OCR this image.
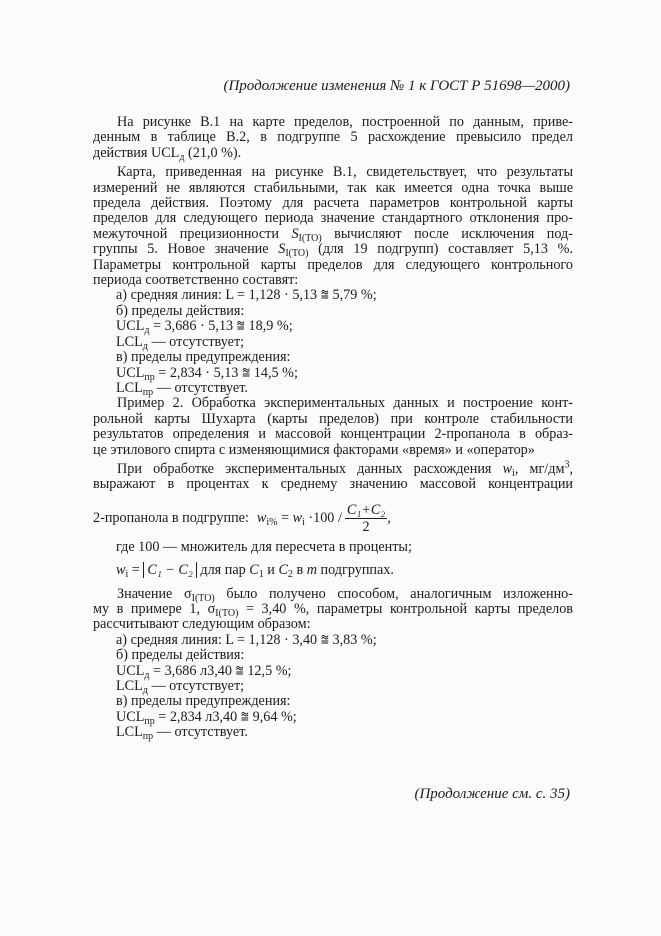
(Продолжение изменения № 1 к ГОСТ Р 51698—2000)

На рисунке В.1 на карте пределов, построенной по данным, приве-

денным в таблице В.2, в подгруппе 5 расхождение превысило предел

действия $UCL_д$ (21,0 %).

Карта, приведенная на рисунке В.1, свидетельствует, что результаты

измерений не являются стабильными, так как имеется одна точка выше

предела действия. Поэтому для расчета параметров контрольной карты

пределов для следующего периода значение стандартного отклонения про-

межуточной прецизионности $S_{I(TO)}$ вычисляют после исключения под-

группы 5. Новое значение $S_{I(TO)}$ (для 19 подгрупп) составляет 5,13 %.

Параметры контрольной карты пределов для следующего контрольного

периода соответственно составят:

а) средняя линия: L = 1,128 · 5,13 ⩰ 5,79 %;

б) пределы действия:

$UCL_д = 3,686 \cdot 5,13$ ⩰ 18,9 %;

$LCL_д$ — отсутствует;

в) пределы предупреждения:

$UCL_{пр} = 2,834 \cdot 5,13$ ⩰ 14,5 %;

$LCL_{пр}$ — отсутствует.

Пример 2. Обработка экспериментальных данных и построение конт-

рольной карты Шухарта (карты пределов) при контроле стабильности

результатов определения и массовой концентрации 2-пропанола в образ-

це этилового спирта с изменяющимися факторами «время» и «оператор»

При обработке экспериментальных данных расхождения $w_i$, $мг/дм^3$,

выражают в процентах к среднему значению массовой концентрации

2-пропанола в подгруппе: $w_{i\%} = w_i \cdot 100 / \frac{\text{C₁+C₂}}{2}$ ,

где 100 — множитель для пересчета в проценты;

$w_i = C_1 - C_2$ для пар $C_1$ и $C_2$ в m подгруппах.

Значение $\sigma_{I(TO)}$ было получено способом, аналогичным изложенно-

му в примере 1, $\sigma_{I(TO)} = 3,40$ %, параметры контрольной карты пределов

рассчитывают следующим образом:

а) средняя линия: L = 1,128 · 3,40 ⩰ 3,83 %;

б) пределы действия:

$UCL_д = 3,686$ л3,40 ⩰ 12,5 %;

$LCL_д$ — отсутствует;

в) пределы предупреждения:

$UCL_{пр} = 2,834$ л3,40 ⩰ 9,64 %;

$LCL_{пр}$ — отсутствует.

(Продолжение см. с. 35)
